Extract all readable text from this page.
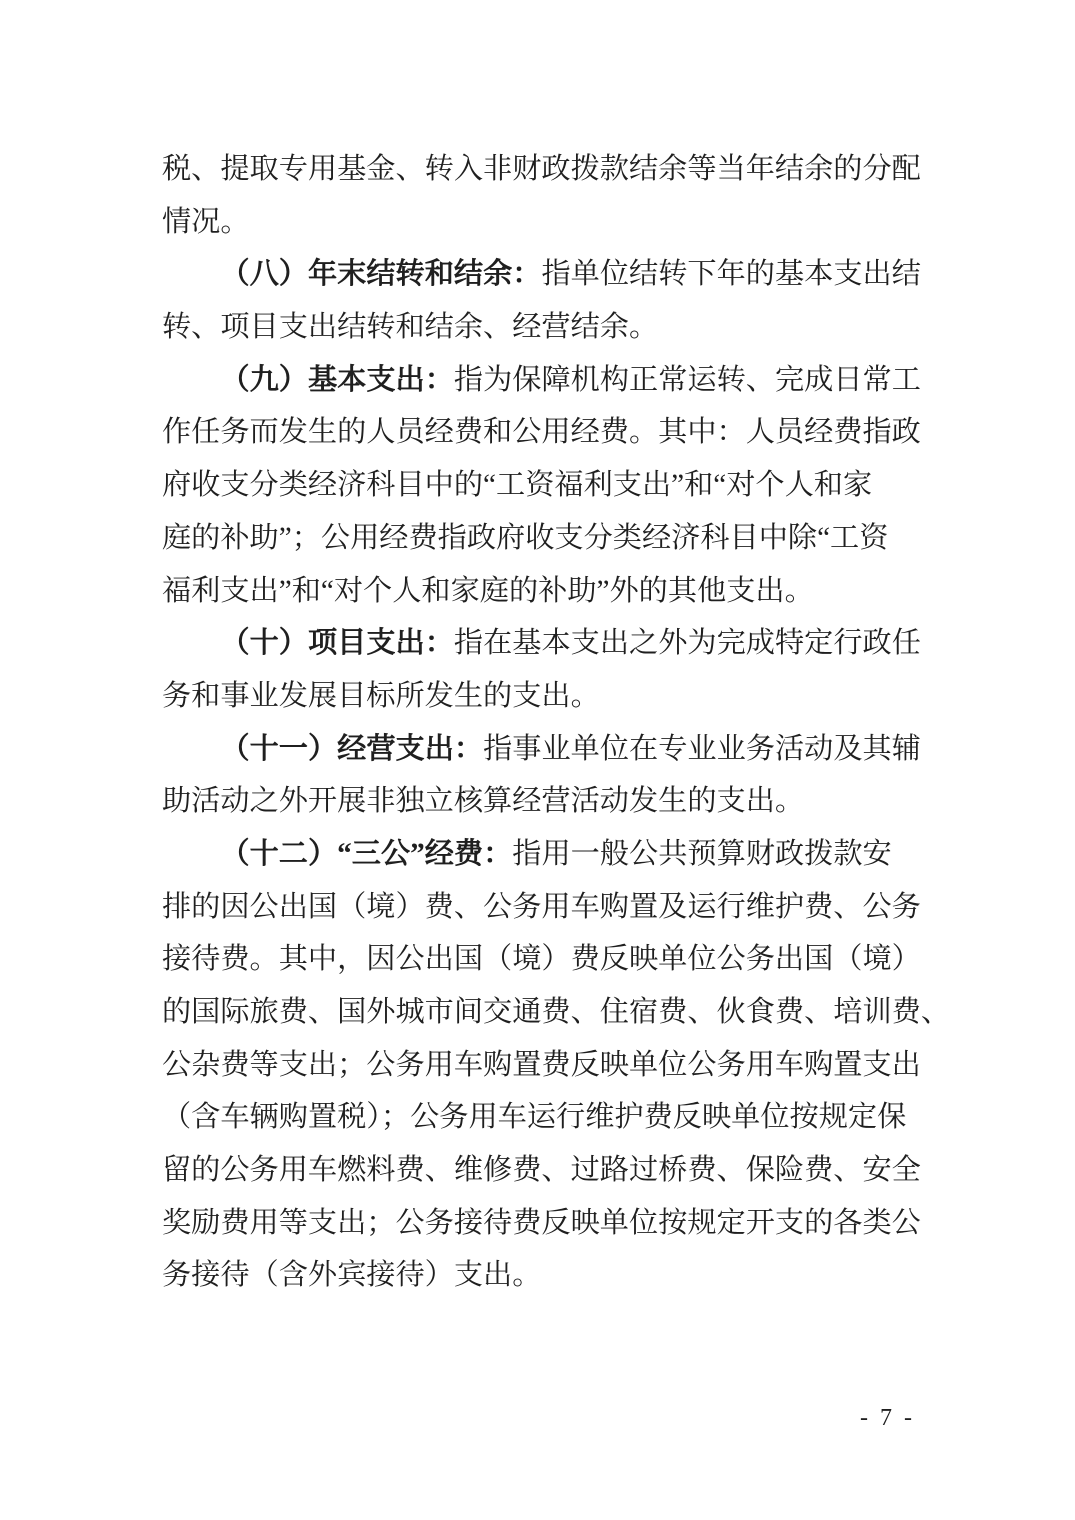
税、提取专用基金、转入非财政拨款结余等当年结余的分配
情况。
（八）年末结转和结余：指单位结转下年的基本支出结
转、项目支出结转和结余、经营结余。
（九）基本支出：指为保障机构正常运转、完成日常工
作任务而发生的人员经费和公用经费。其中：人员经费指政
府收支分类经济科目中的“工资福利支出”和“对个人和家
庭的补助”；公用经费指政府收支分类经济科目中除“工资
福利支出”和“对个人和家庭的补助”外的其他支出。
（十）项目支出：指在基本支出之外为完成特定行政任
务和事业发展目标所发生的支出。
（十一）经营支出：指事业单位在专业业务活动及其辅
助活动之外开展非独立核算经营活动发生的支出。
（十二）“三公”经费：指用一般公共预算财政拨款安
排的因公出国（境）费、公务用车购置及运行维护费、公务
接待费。其中，因公出国（境）费反映单位公务出国（境）
的国际旅费、国外城市间交通费、住宿费、伙食费、培训费、
公杂费等支出；公务用车购置费反映单位公务用车购置支出
（含车辆购置税）；公务用车运行维护费反映单位按规定保
留的公务用车燃料费、维修费、过路过桥费、保险费、安全
奖励费用等支出；公务接待费反映单位按规定开支的各类公
务接待（含外宾接待）支出。
- 7 -
